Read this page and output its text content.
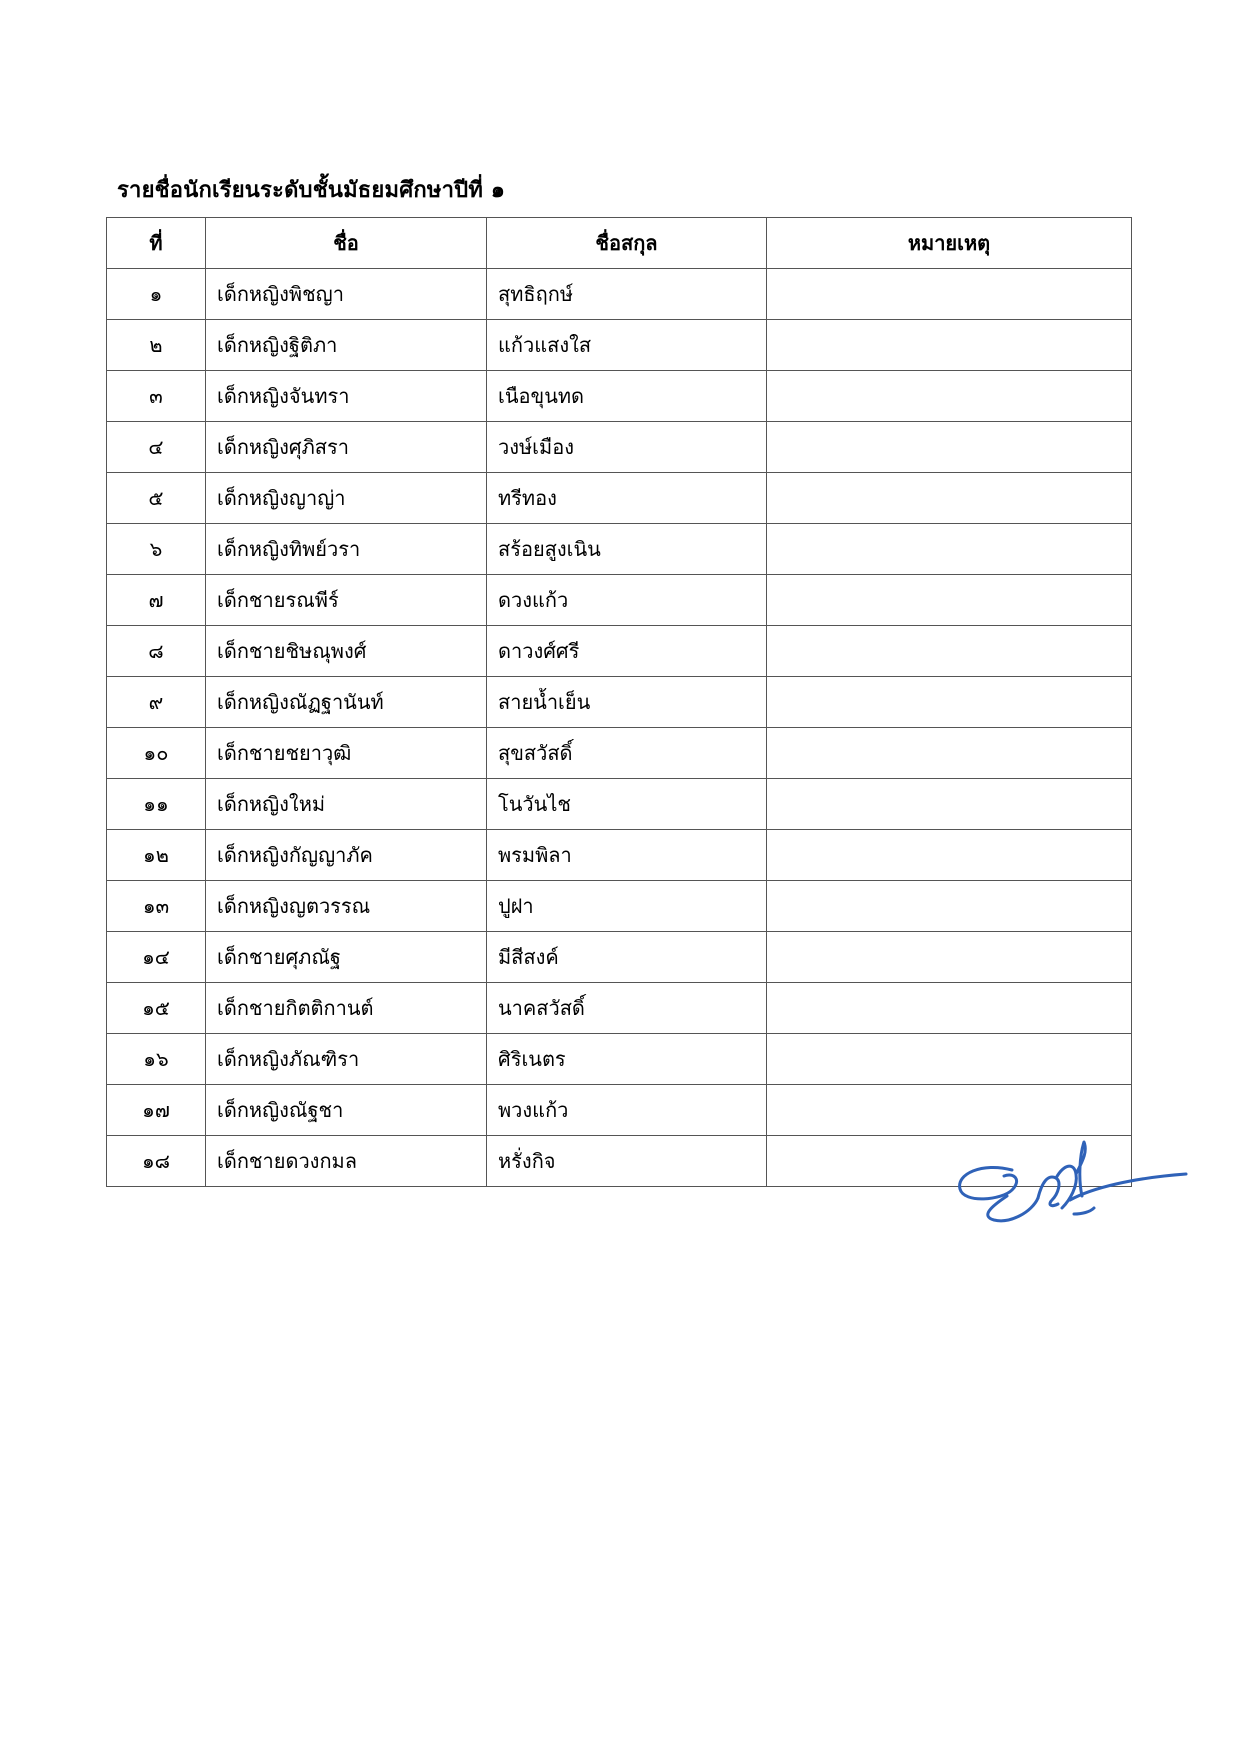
รายชื่อนักเรียนระดับชั้นมัธยมศึกษาปีที่ ๑
ที่	ชื่อ	ชื่อสกุล	หมายเหตุ
๑	เด็กหญิงพิชญา	สุทธิฤกษ์	
๒	เด็กหญิงฐิติภา	แก้วแสงใส	
๓	เด็กหญิงจันทรา	เนือขุนทด	
๔	เด็กหญิงศุภิสรา	วงษ์เมือง	
๕	เด็กหญิงญาญ่า	ทรีทอง	
๖	เด็กหญิงทิพย์วรา	สร้อยสูงเนิน	
๗	เด็กชายรณพีร์	ดวงแก้ว	
๘	เด็กชายชิษณุพงศ์	ดาวงศ์ศรี	
๙	เด็กหญิงณัฏฐานันท์	สายน้ำเย็น	
๑๐	เด็กชายชยาวุฒิ	สุขสวัสดิ์	
๑๑	เด็กหญิงใหม่	โนวันไช	
๑๒	เด็กหญิงกัญญาภัค	พรมพิลา	
๑๓	เด็กหญิงญตวรรณ	ปูฝา	
๑๔	เด็กชายศุภณัฐ	มีสีสงค์	
๑๕	เด็กชายกิตติกานต์	นาคสวัสดิ์	
๑๖	เด็กหญิงภัณฑิรา	ศิริเนตร	
๑๗	เด็กหญิงณัฐชา	พวงแก้ว	
๑๘	เด็กชายดวงกมล	หรั่งกิจ	
